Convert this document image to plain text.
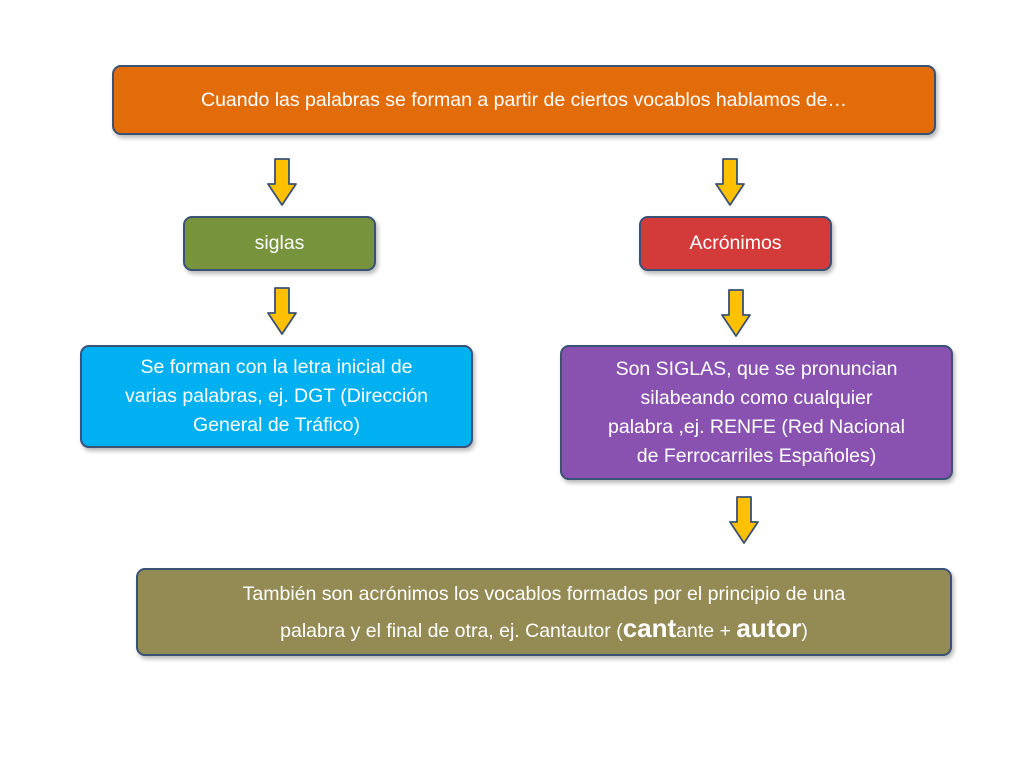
Cuando las palabras se forman a partir de ciertos vocablos hablamos de…
siglas	Acrónimos
Se forman con la letra inicial de
varias palabras, ej. DGT (Dirección
General de Tráfico)
Son SIGLAS, que se pronuncian
silabeando como cualquier
palabra ,ej. RENFE (Red Nacional
de Ferrocarriles Españoles)
También son acrónimos los vocablos formados por el principio de una
palabra y el final de otra, ej. Cantautor (cantante + autor)
